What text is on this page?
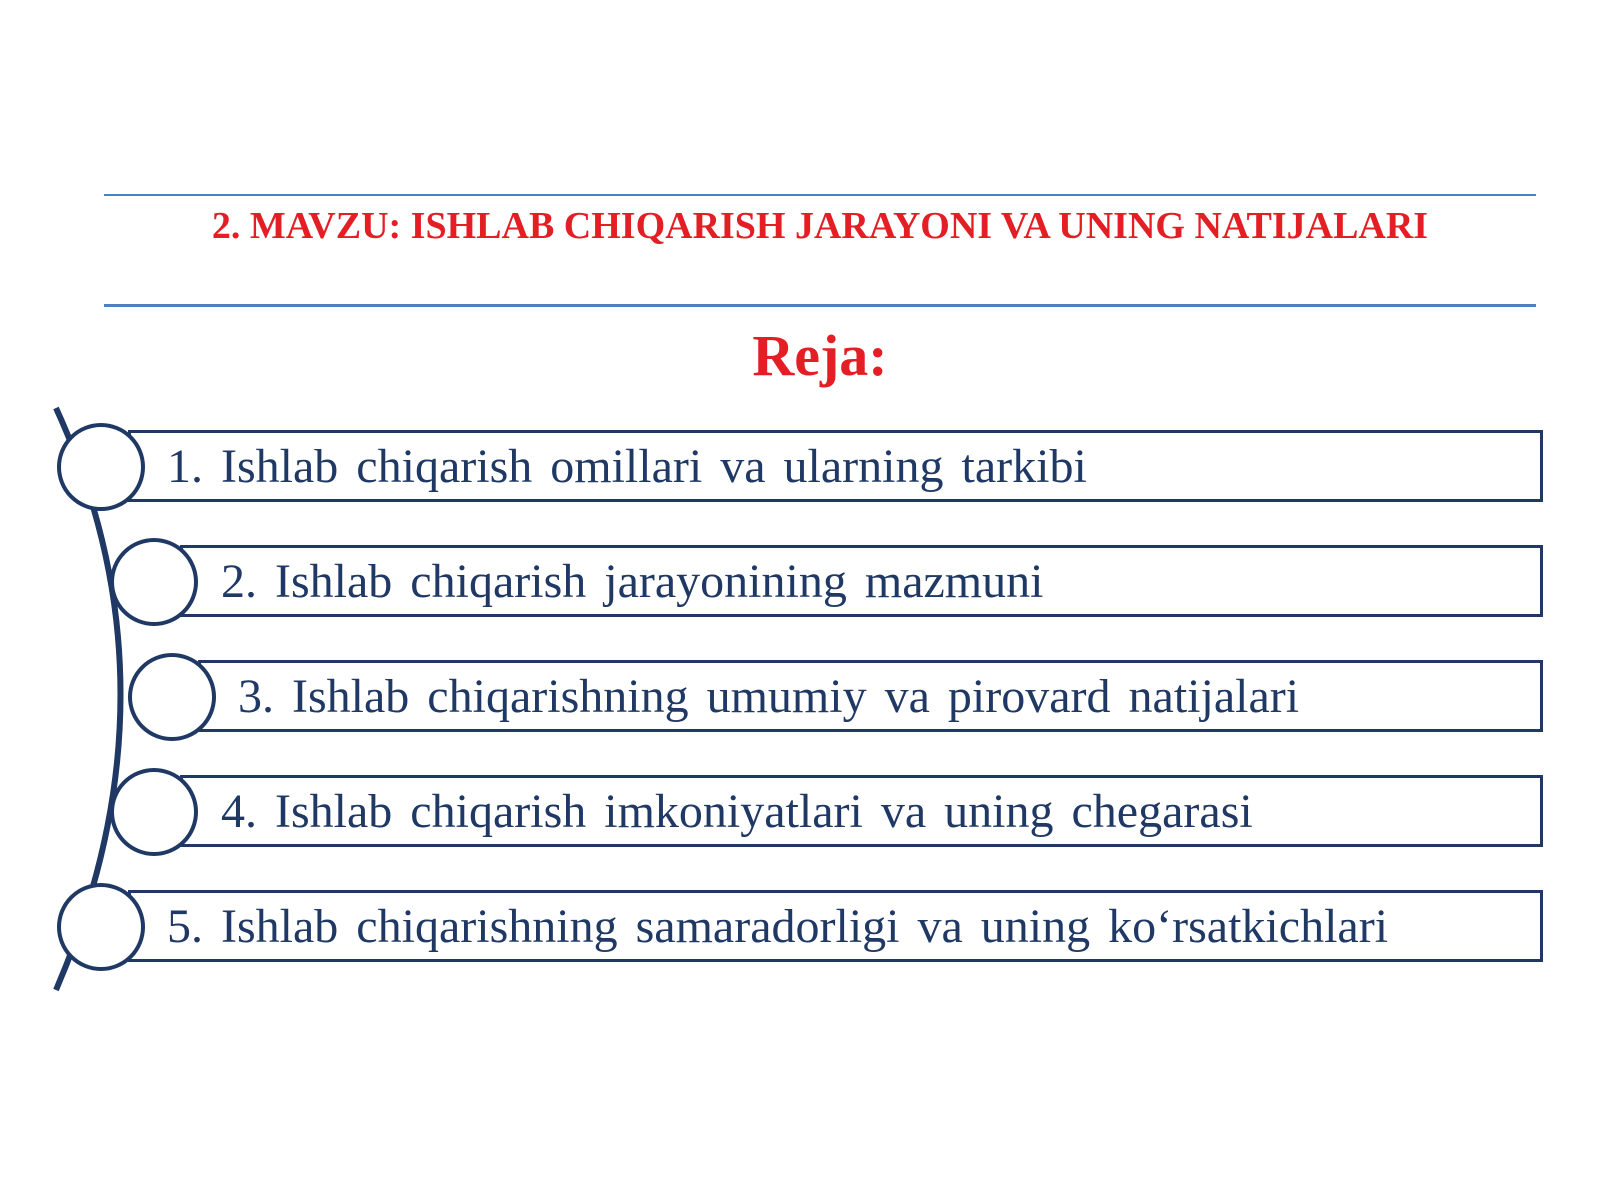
2. MAVZU: ISHLAB CHIQARISH JARAYONI VA UNING NATIJALARI
Reja:
1. Ishlab chiqarish omillari va ularning tarkibi
2. Ishlab chiqarish jarayonining mazmuni
3. Ishlab chiqarishning umumiy va pirovard natijalari
4. Ishlab chiqarish imkoniyatlari va uning chegarasi
5. Ishlab chiqarishning samaradorligi va uning ko‘rsatkichlari
